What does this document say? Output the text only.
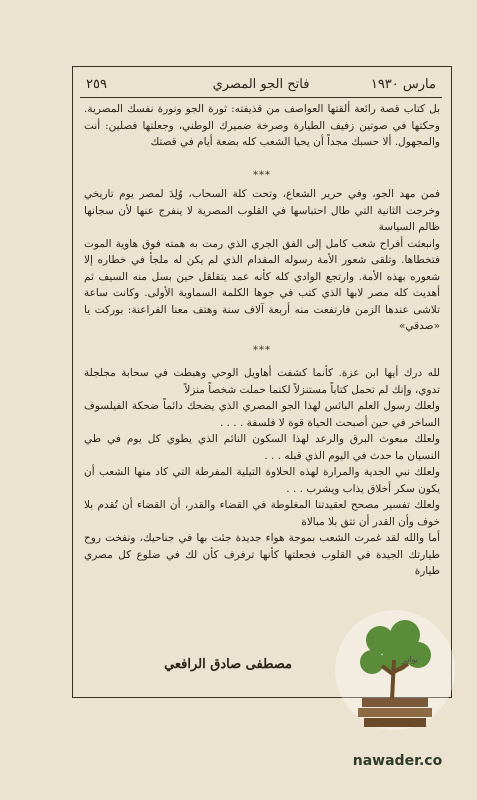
مارس ١٩٣٠
فاتح الجو المصري
٢٥٩

بل كتاب قصة رائعة ألقتها العواصف من قذيفته: ثورة الجو ونورة نفسك المصرية. وحكتها في صوتين زفيف الطيارة وصرخة ضميرك الوطني، وجعلتها فصلين: أنت والمجهول. ألا حسبك مجداً أن يحيا الشعب كله بضعة أيام في قصتك

***

فمن مهد الجو، وفي حرير الشعاع، وتحت كلة السحاب، وُلِدَ لمصر يوم تاريخي وخرجت الثانية التي طال احتباسها في القلوب المصرية لا ينفرج عنها لأن سجانها ظالم السياسة

وانبعثت أفراح شعب كامل إلى الفق الجري الذي رمت به همته فوق هاوية الموت فتخطاها. وتلقى شعور الأمة رسوله المقدام الذي لم يكن له ملجأ في خطاره إلا شعوره بهذه الأمة. وارتجع الوادي كله كأنه عمد يتقلقل حين بسل منه السيف ثم أهديت كله مصر لابها الذي كتب في جوها الكلمة السماوية الأولى. وكانت ساعة تلاشى عندها الزمن فارتفعت منه أربعة آلاف سنة وهتف معنا الفراعنة: بوركت يا «صدقي»

***

لله درك أيها ابن عزة. كأنما كشفت أهاويل الوحي وهبطت في سحابة مجلجلة تدوي، وإنك لم تحمل كتاباً مستنزلاً لكنما حملت شخصاً منزلاً

ولعلك رسول العلم البائس لهذا الجو المصري الذي يضحك دائماً ضحكة الفيلسوف الساخر في حين أصبحت الحياة قوة لا فلسفة . . . .

ولعلك مبعوث البرق والرعد لهذا السكون النائم الذي يطوي كل يوم في طي النسيان ما حدث في اليوم الذي قبله . . .

ولعلك نبي الجدية والمرارة لهذه الحلاوة التيلية المفرطة التي كاد منها الشعب أن يكون سكر أخلاق يذاب ويشرب . . .

ولعلك تفسير مصحح لعقيدتنا المغلوطة في القضاء والقدر، أن القضاء أن تُقدم بلا خوف وأن القدر أن تتق بلا مبالاة

أما والله لقد غمرت الشعب بموجة هواء جديدة جئت بها في جناحيك، ونفخت روح طيارتك الجيدة في القلوب فجعلتها كأنها ترفرف كأن لك في ضلوع كل مصري طيارة

مصطفى صادق الرافعي	نوادر
nawader.co
